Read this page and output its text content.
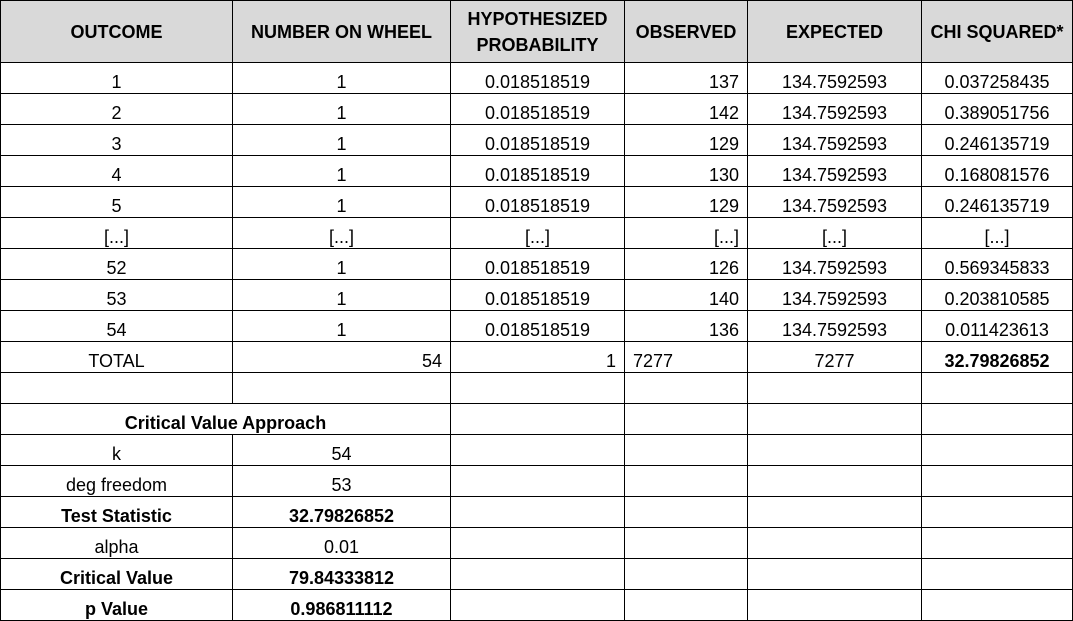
OUTCOME	NUMBER ON WHEEL	HYPOTHESIZED PROBABILITY	OBSERVED	EXPECTED	CHI SQUARED*
1	1	0.018518519	137	134.7592593	0.037258435
2	1	0.018518519	142	134.7592593	0.389051756
3	1	0.018518519	129	134.7592593	0.246135719
4	1	0.018518519	130	134.7592593	0.168081576
5	1	0.018518519	129	134.7592593	0.246135719
[...]	[...]	[...]	[...]	[...]	[...]
52	1	0.018518519	126	134.7592593	0.569345833
53	1	0.018518519	140	134.7592593	0.203810585
54	1	0.018518519	136	134.7592593	0.011423613
TOTAL	54	1	7277	7277	32.79826852

Critical Value Approach					
k	54				
deg freedom	53				
Test Statistic	32.79826852				
alpha	0.01				
Critical Value	79.84333812				
p Value	0.986811112				
